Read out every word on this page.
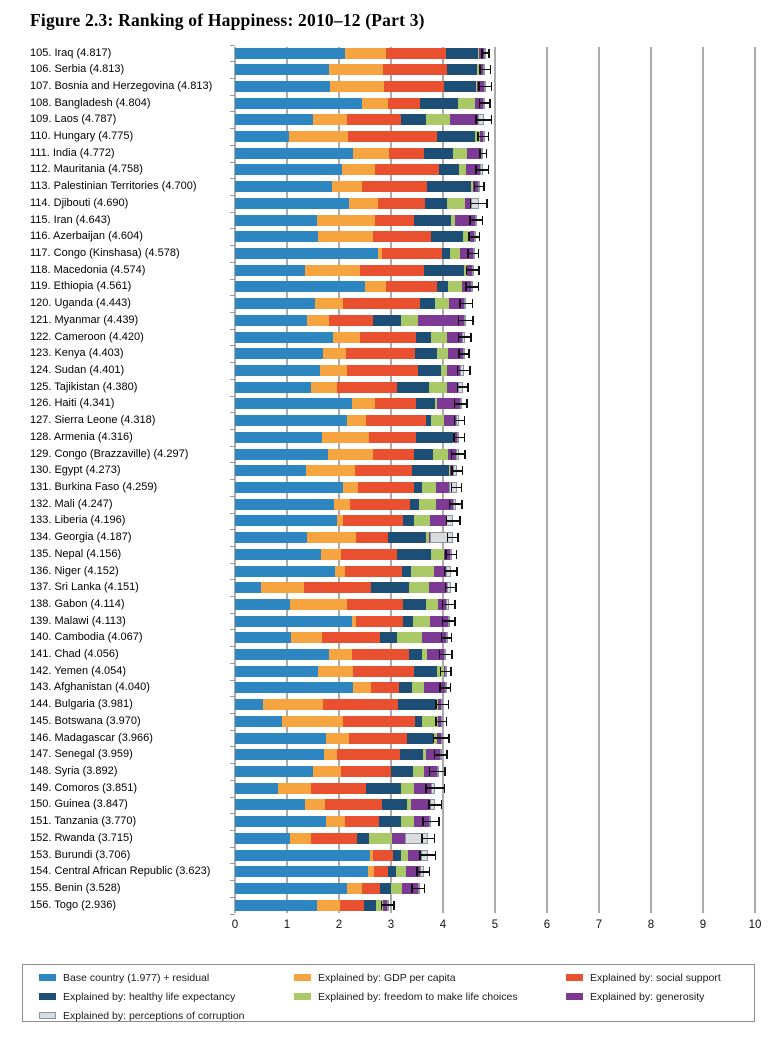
Figure 2.3: Ranking of Happiness: 2010–12 (Part 3)
0	1	2	3	4	5	6	7	8	9	10
105. Iraq (4.817)
106. Serbia (4.813)
107. Bosnia and Herzegovina (4.813)
108. Bangladesh (4.804)
109. Laos (4.787)
110. Hungary (4.775)
111. India (4.772)
112. Mauritania (4.758)
113. Palestinian Territories (4.700)
114. Djibouti (4.690)
115. Iran (4.643)
116. Azerbaijan (4.604)
117. Congo (Kinshasa) (4.578)
118. Macedonia (4.574)
119. Ethiopia (4.561)
120. Uganda (4.443)
121. Myanmar (4.439)
122. Cameroon (4.420)
123. Kenya (4.403)
124. Sudan (4.401)
125. Tajikistan (4.380)
126. Haiti (4.341)
127. Sierra Leone (4.318)
128. Armenia (4.316)
129. Congo (Brazzaville) (4.297)
130. Egypt (4.273)
131. Burkina Faso (4.259)
132. Mali (4.247)
133. Liberia (4.196)
134. Georgia (4.187)
135. Nepal (4.156)
136. Niger (4.152)
137. Sri Lanka (4.151)
138. Gabon (4.114)
139. Malawi (4.113)
140. Cambodia (4.067)
141. Chad (4.056)
142. Yemen (4.054)
143. Afghanistan (4.040)
144. Bulgaria (3.981)
145. Botswana (3.970)
146. Madagascar (3.966)
147. Senegal (3.959)
148. Syria (3.892)
149. Comoros (3.851)
150. Guinea (3.847)
151. Tanzania (3.770)
152. Rwanda (3.715)
153. Burundi (3.706)
154. Central African Republic (3.623)
155. Benin (3.528)
156. Togo (2.936)
Base country (1.977) + residual
Explained by: healthy life expectancy
Explained by: perceptions of corruption
Explained by: GDP per capita
Explained by: freedom to make life choices
Explained by: social support
Explained by: generosity
